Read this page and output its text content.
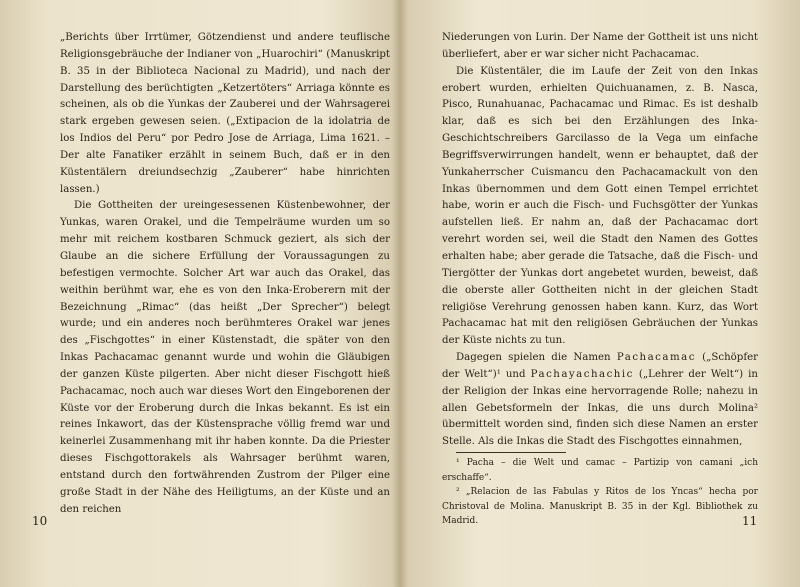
„Berichts über Irrtümer, Götzendienst und andere teuflische Religionsgebräuche der Indianer von „Huarochiri“ (Manuskript B. 35 in der Biblioteca Nacional zu Madrid), und nach der Darstellung des berüchtigten „Ketzertöters“ Arriaga könnte es scheinen, als ob die Yunkas der Zauberei und der Wahrsagerei stark ergeben gewesen seien. („Extipacion de la idolatria de los Indios del Peru“ por Pedro Jose de Arriaga, Lima 1621. – Der alte Fanatiker erzählt in seinem Buch, daß er in den Küstentälern dreiundsechzig „Zauberer“ habe hinrichten lassen.)

Die Gottheiten der ureingesessenen Küstenbewohner, der Yunkas, waren Orakel, und die Tempelräume wurden um so mehr mit reichem kostbaren Schmuck geziert, als sich der Glaube an die sichere Erfüllung der Voraussagungen zu befestigen vermochte. Solcher Art war auch das Orakel, das weithin berühmt war, ehe es von den Inka-Eroberern mit der Bezeichnung „Rimac“ (das heißt „Der Sprecher“) belegt wurde; und ein anderes noch berühmteres Orakel war jenes des „Fischgottes“ in einer Küstenstadt, die später von den Inkas Pachacamac genannt wurde und wohin die Gläubigen der ganzen Küste pilgerten. Aber nicht dieser Fischgott hieß Pachacamac, noch auch war dieses Wort den Eingeborenen der Küste vor der Eroberung durch die Inkas bekannt. Es ist ein reines Inkawort, das der Küstensprache völlig fremd war und keinerlei Zusammenhang mit ihr haben konnte. Da die Priester dieses Fischgottorakels als Wahrsager berühmt waren, entstand durch den fortwährenden Zustrom der Pilger eine große Stadt in der Nähe des Heiligtums, an der Küste und an den reichen

10

Niederungen von Lurin. Der Name der Gottheit ist uns nicht überliefert, aber er war sicher nicht Pachacamac.

Die Küstentäler, die im Laufe der Zeit von den Inkas erobert wurden, erhielten Quichuanamen, z. B. Nasca, Pisco, Runahuanac, Pachacamac und Rimac. Es ist deshalb klar, daß es sich bei den Erzählungen des Inka-Geschichtschreibers Garcilasso de la Vega um einfache Begriffsverwirrungen handelt, wenn er behauptet, daß der Yunkaherrscher Cuismancu den Pachacamackult von den Inkas übernommen und dem Gott einen Tempel errichtet habe, worin er auch die Fisch- und Fuchsgötter der Yunkas aufstellen ließ. Er nahm an, daß der Pachacamac dort verehrt worden sei, weil die Stadt den Namen des Gottes erhalten habe; aber gerade die Tatsache, daß die Fisch- und Tiergötter der Yunkas dort angebetet wurden, beweist, daß die oberste aller Gottheiten nicht in der gleichen Stadt religiöse Verehrung genossen haben kann. Kurz, das Wort Pachacamac hat mit den religiösen Gebräuchen der Yunkas der Küste nichts zu tun.

Dagegen spielen die Namen Pachacamac („Schöpfer der Welt“)¹ und Pachayachachic („Lehrer der Welt“) in der Religion der Inkas eine hervorragende Rolle; nahezu in allen Gebetsformeln der Inkas, die uns durch Molina² übermittelt worden sind, finden sich diese Namen an erster Stelle. Als die Inkas die Stadt des Fischgottes einnahmen,

¹ Pacha – die Welt und camac – Partizip von camani „ich erschaffe“.

² „Relacion de las Fabulas y Ritos de los Yncas“ hecha por Christoval de Molina. Manuskript B. 35 in der Kgl. Bibliothek zu Madrid.	11
